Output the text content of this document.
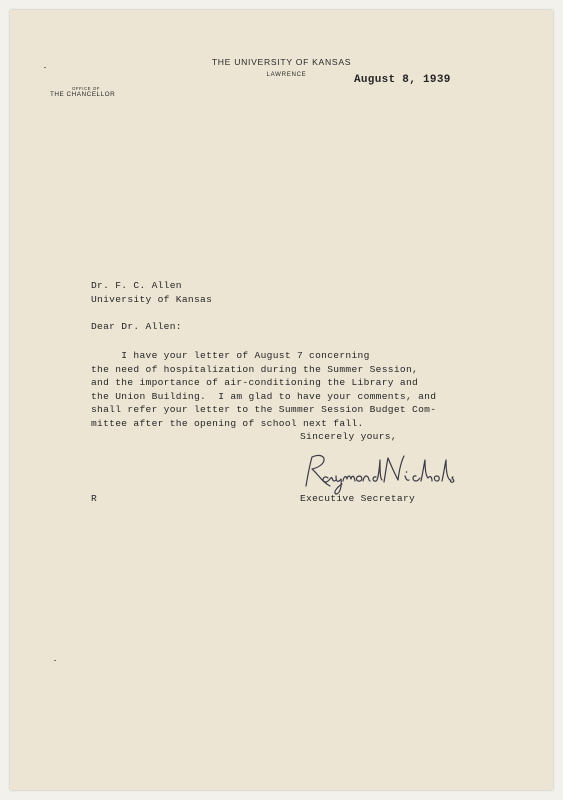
THE UNIVERSITY OF KANSAS
LAWRENCE
OFFICE OF
THE CHANCELLOR
August 8, 1939
Dr. F. C. Allen
University of Kansas
Dear Dr. Allen:
I have your letter of August 7 concerning
the need of hospitalization during the Summer Session,
and the importance of air-conditioning the Library and
the Union Building.  I am glad to have your comments, and
shall refer your letter to the Summer Session Budget Com-
mittee after the opening of school next fall.
Sincerely yours,
Executive Secretary
R
